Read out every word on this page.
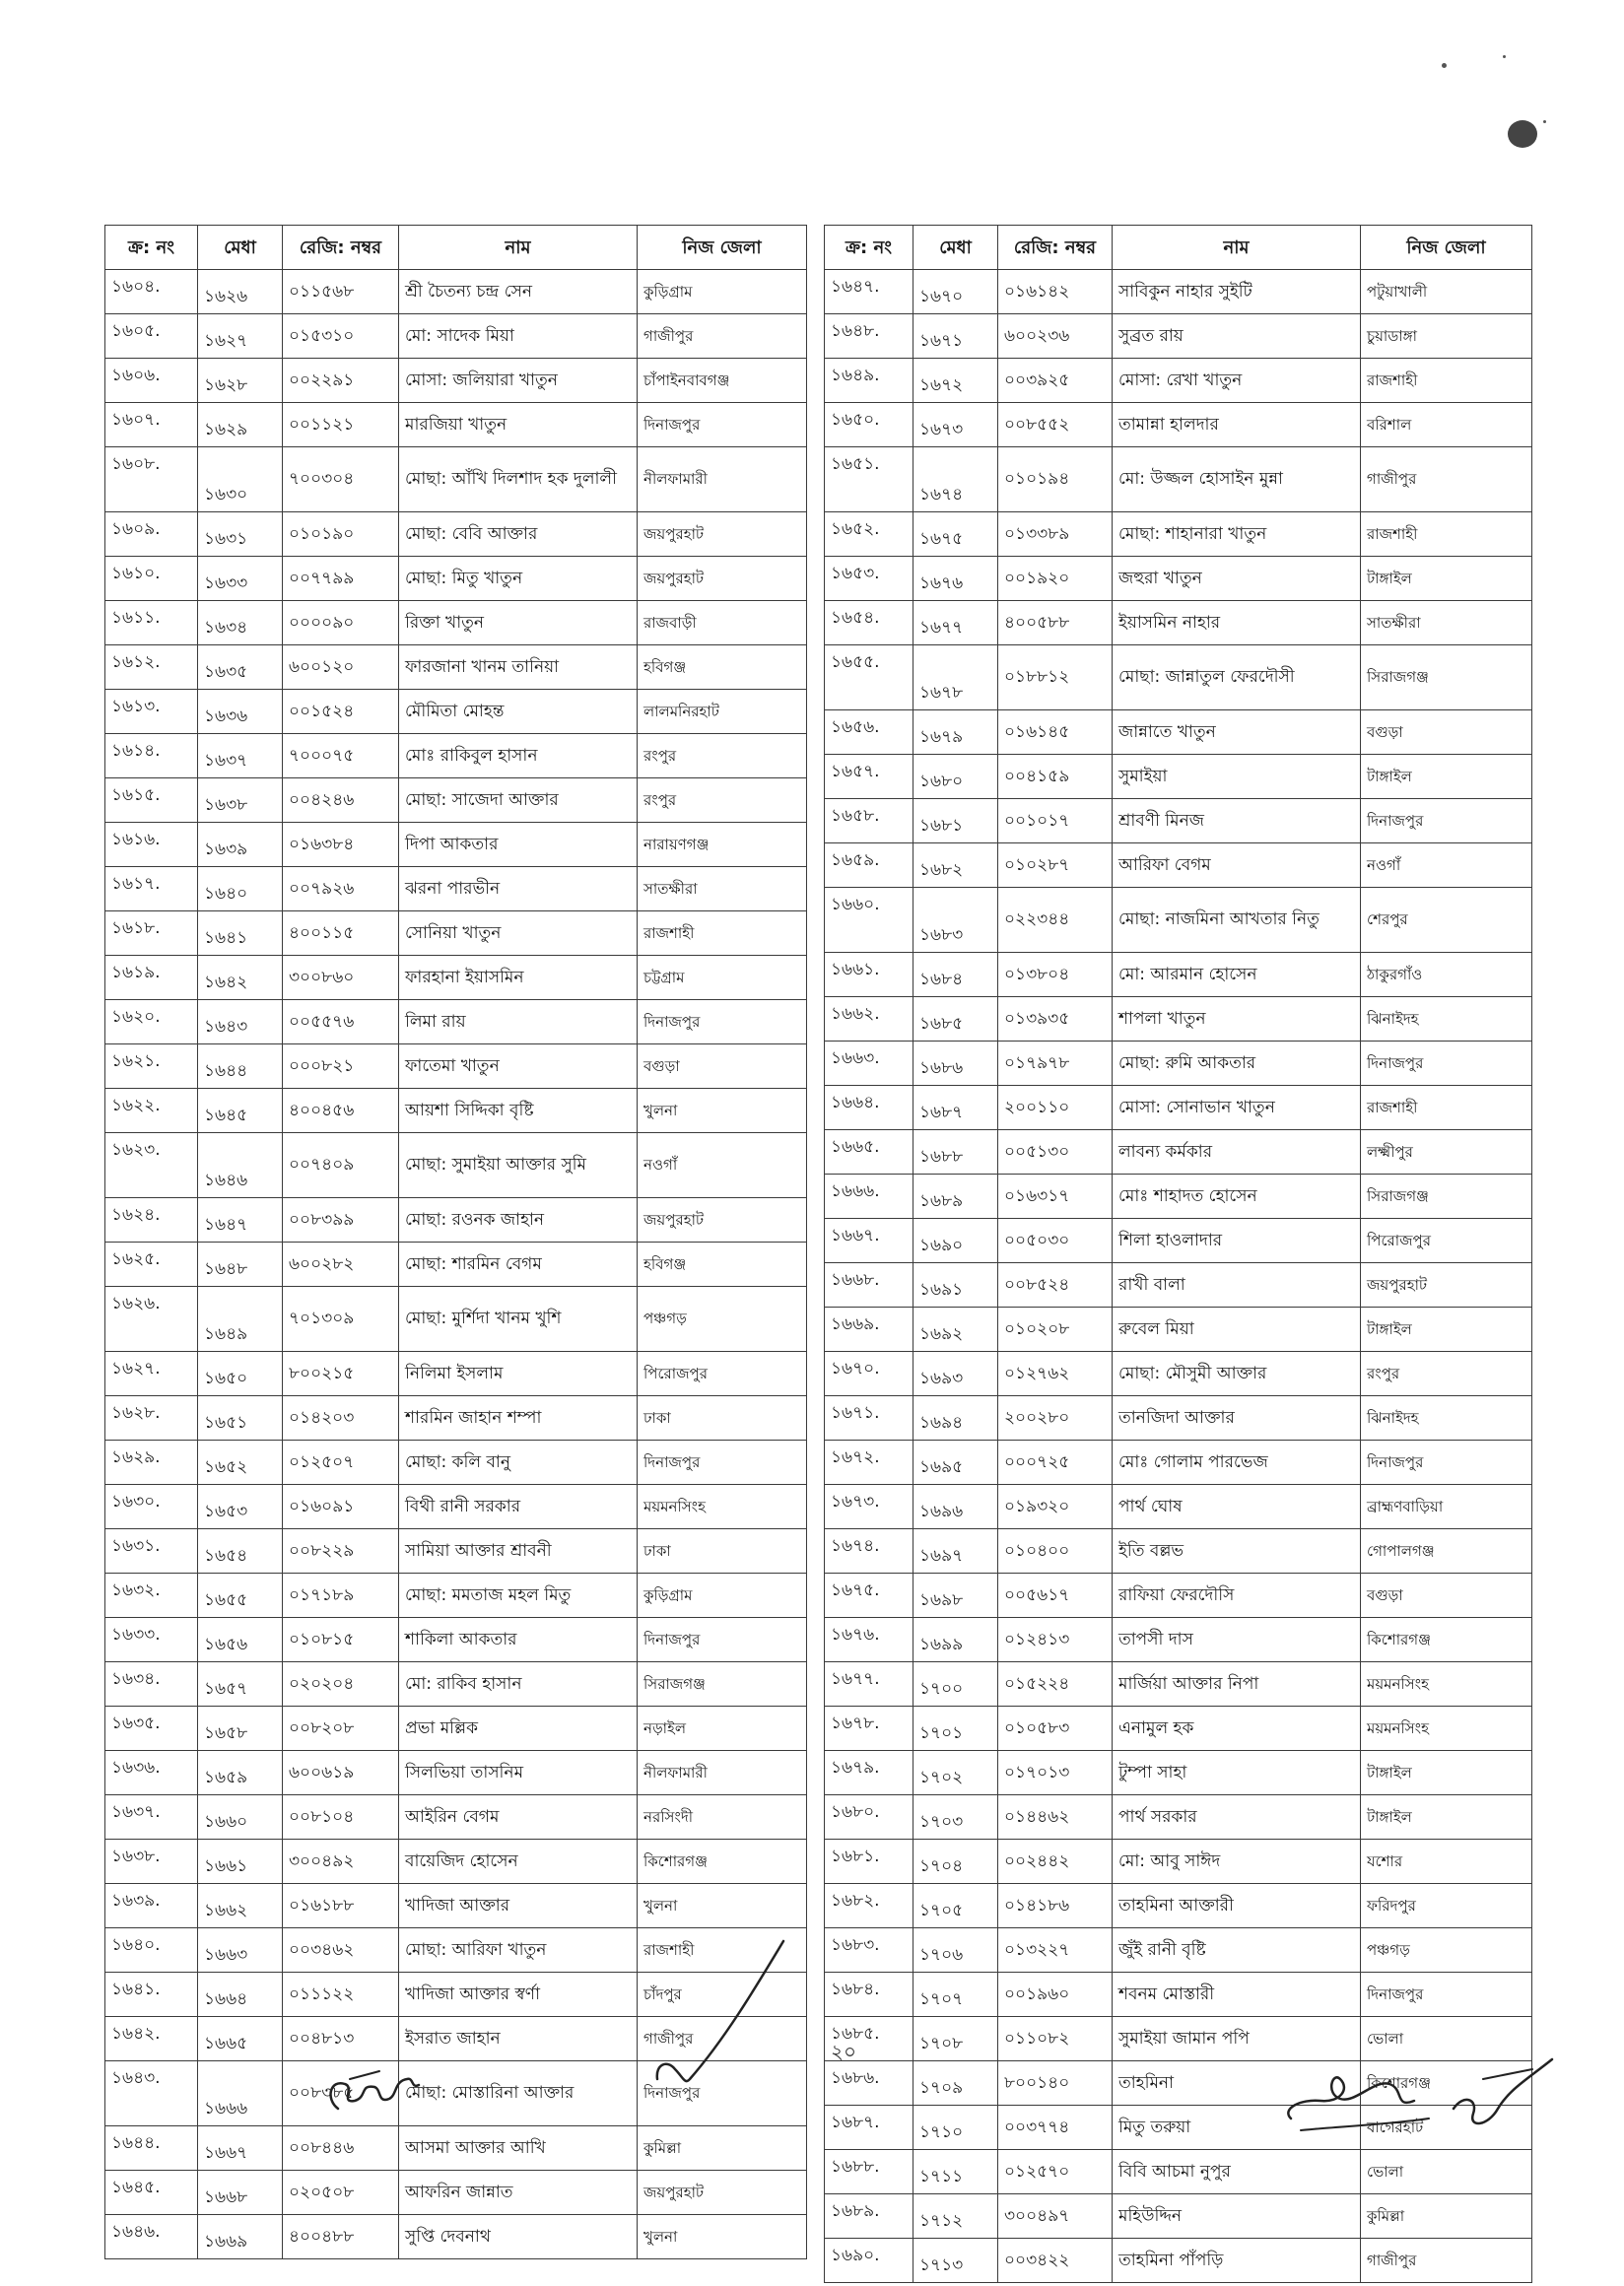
ক্র: নং	মেধা	রেজি: নম্বর	নাম	নিজ জেলা
১৬০৪.	১৬২৬	০১১৫৬৮	শ্রী চৈতন্য চন্দ্র সেন	কুড়িগ্রাম
১৬০৫.	১৬২৭	০১৫৩১০	মো: সাদেক মিয়া	গাজীপুর
১৬০৬.	১৬২৮	০০২২৯১	মোসা: জলিয়ারা খাতুন	চাঁপাইনবাবগঞ্জ
১৬০৭.	১৬২৯	০০১১২১	মারজিয়া খাতুন	দিনাজপুর
১৬০৮.	১৬৩০	৭০০৩০৪	মোছা: আঁখি দিলশাদ হক দুলালী	নীলফামারী
১৬০৯.	১৬৩১	০১০১৯০	মোছা: বেবি আক্তার	জয়পুরহাট
১৬১০.	১৬৩৩	০০৭৭৯৯	মোছা: মিতু খাতুন	জয়পুরহাট
১৬১১.	১৬৩৪	০০০০৯০	রিক্তা খাতুন	রাজবাড়ী
১৬১২.	১৬৩৫	৬০০১২০	ফারজানা খানম তানিয়া	হবিগঞ্জ
১৬১৩.	১৬৩৬	০০১৫২৪	মৌমিতা মোহন্ত	লালমনিরহাট
১৬১৪.	১৬৩৭	৭০০০৭৫	মোঃ রাকিবুল হাসান	রংপুর
১৬১৫.	১৬৩৮	০০৪২৪৬	মোছা: সাজেদা আক্তার	রংপুর
১৬১৬.	১৬৩৯	০১৬৩৮৪	দিপা আকতার	নারায়ণগঞ্জ
১৬১৭.	১৬৪০	০০৭৯২৬	ঝরনা পারভীন	সাতক্ষীরা
১৬১৮.	১৬৪১	৪০০১১৫	সোনিয়া খাতুন	রাজশাহী
১৬১৯.	১৬৪২	৩০০৮৬০	ফারহানা ইয়াসমিন	চট্টগ্রাম
১৬২০.	১৬৪৩	০০৫৫৭৬	লিমা রায়	দিনাজপুর
১৬২১.	১৬৪৪	০০০৮২১	ফাতেমা খাতুন	বগুড়া
১৬২২.	১৬৪৫	৪০০৪৫৬	আয়শা সিদ্দিকা বৃষ্টি	খুলনা
১৬২৩.	১৬৪৬	০০৭৪০৯	মোছা: সুমাইয়া আক্তার সুমি	নওগাঁ
১৬২৪.	১৬৪৭	০০৮৩৯৯	মোছা: রওনক জাহান	জয়পুরহাট
১৬২৫.	১৬৪৮	৬০০২৮২	মোছা: শারমিন বেগম	হবিগঞ্জ
১৬২৬.	১৬৪৯	৭০১৩০৯	মোছা: মুর্শিদা খানম খুশি	পঞ্চগড়
১৬২৭.	১৬৫০	৮০০২১৫	নিলিমা ইসলাম	পিরোজপুর
১৬২৮.	১৬৫১	০১৪২০৩	শারমিন জাহান শম্পা	ঢাকা
১৬২৯.	১৬৫২	০১২৫০৭	মোছা: কলি বানু	দিনাজপুর
১৬৩০.	১৬৫৩	০১৬০৯১	বিথী রানী সরকার	ময়মনসিংহ
১৬৩১.	১৬৫৪	০০৮২২৯	সামিয়া আক্তার শ্রাবনী	ঢাকা
১৬৩২.	১৬৫৫	০১৭১৮৯	মোছা: মমতাজ মহল মিতু	কুড়িগ্রাম
১৬৩৩.	১৬৫৬	০১০৮১৫	শাকিলা আকতার	দিনাজপুর
১৬৩৪.	১৬৫৭	০২০২০৪	মো: রাকিব হাসান	সিরাজগঞ্জ
১৬৩৫.	১৬৫৮	০০৮২০৮	প্রভা মল্লিক	নড়াইল
১৬৩৬.	১৬৫৯	৬০০৬১৯	সিলভিয়া তাসনিম	নীলফামারী
১৬৩৭.	১৬৬০	০০৮১০৪	আইরিন বেগম	নরসিংদী
১৬৩৮.	১৬৬১	৩০০৪৯২	বায়েজিদ হোসেন	কিশোরগঞ্জ
১৬৩৯.	১৬৬২	০১৬১৮৮	খাদিজা আক্তার	খুলনা
১৬৪০.	১৬৬৩	০০৩৪৬২	মোছা: আরিফা খাতুন	রাজশাহী
১৬৪১.	১৬৬৪	০১১১২২	খাদিজা আক্তার স্বর্ণা	চাঁদপুর
১৬৪২.	১৬৬৫	০০৪৮১৩	ইসরাত জাহান	গাজীপুর
১৬৪৩.	১৬৬৬	০০৮৩৮৫	মোছা: মোস্তারিনা আক্তার	দিনাজপুর
১৬৪৪.	১৬৬৭	০০৮৪৪৬	আসমা আক্তার আখি	কুমিল্লা
১৬৪৫.	১৬৬৮	০২০৫০৮	আফরিন জান্নাত	জয়পুরহাট
১৬৪৬.	১৬৬৯	৪০০৪৮৮	সুপ্তি দেবনাথ	খুলনা
ক্র: নং	মেধা	রেজি: নম্বর	নাম	নিজ জেলা
১৬৪৭.	১৬৭০	০১৬১৪২	সাবিকুন নাহার সুইটি	পটুয়াখালী
১৬৪৮.	১৬৭১	৬০০২৩৬	সুব্রত রায়	চুয়াডাঙ্গা
১৬৪৯.	১৬৭২	০০৩৯২৫	মোসা: রেখা খাতুন	রাজশাহী
১৬৫০.	১৬৭৩	০০৮৫৫২	তামান্না হালদার	বরিশাল
১৬৫১.	১৬৭৪	০১০১৯৪	মো: উজ্জল হোসাইন মুন্না	গাজীপুর
১৬৫২.	১৬৭৫	০১৩৩৮৯	মোছা: শাহানারা খাতুন	রাজশাহী
১৬৫৩.	১৬৭৬	০০১৯২০	জহুরা খাতুন	টাঙ্গাইল
১৬৫৪.	১৬৭৭	৪০০৫৮৮	ইয়াসমিন নাহার	সাতক্ষীরা
১৬৫৫.	১৬৭৮	০১৮৮১২	মোছা: জান্নাতুল ফেরদৌসী	সিরাজগঞ্জ
১৬৫৬.	১৬৭৯	০১৬১৪৫	জান্নাতে খাতুন	বগুড়া
১৬৫৭.	১৬৮০	০০৪১৫৯	সুমাইয়া	টাঙ্গাইল
১৬৫৮.	১৬৮১	০০১০১৭	শ্রাবণী মিনজ	দিনাজপুর
১৬৫৯.	১৬৮২	০১০২৮৭	আরিফা বেগম	নওগাঁ
১৬৬০.	১৬৮৩	০২২৩৪৪	মোছা: নাজমিনা আখতার নিতু	শেরপুর
১৬৬১.	১৬৮৪	০১৩৮০৪	মো: আরমান হোসেন	ঠাকুরগাঁও
১৬৬২.	১৬৮৫	০১৩৯৩৫	শাপলা খাতুন	ঝিনাইদহ
১৬৬৩.	১৬৮৬	০১৭৯৭৮	মোছা: রুমি আকতার	দিনাজপুর
১৬৬৪.	১৬৮৭	২০০১১০	মোসা: সোনাভান খাতুন	রাজশাহী
১৬৬৫.	১৬৮৮	০০৫১৩০	লাবন্য কর্মকার	লক্ষ্মীপুর
১৬৬৬.	১৬৮৯	০১৬৩১৭	মোঃ শাহাদত হোসেন	সিরাজগঞ্জ
১৬৬৭.	১৬৯০	০০৫০৩০	শিলা হাওলাদার	পিরোজপুর
১৬৬৮.	১৬৯১	০০৮৫২৪	রাখী বালা	জয়পুরহাট
১৬৬৯.	১৬৯২	০১০২০৮	রুবেল মিয়া	টাঙ্গাইল
১৬৭০.	১৬৯৩	০১২৭৬২	মোছা: মৌসুমী আক্তার	রংপুর
১৬৭১.	১৬৯৪	২০০২৮০	তানজিদা আক্তার	ঝিনাইদহ
১৬৭২.	১৬৯৫	০০০৭২৫	মোঃ গোলাম পারভেজ	দিনাজপুর
১৬৭৩.	১৬৯৬	০১৯৩২০	পার্থ ঘোষ	ব্রাহ্মণবাড়িয়া
১৬৭৪.	১৬৯৭	০১০৪০০	ইতি বল্লভ	গোপালগঞ্জ
১৬৭৫.	১৬৯৮	০০৫৬১৭	রাফিয়া ফেরদৌসি	বগুড়া
১৬৭৬.	১৬৯৯	০১২৪১৩	তাপসী দাস	কিশোরগঞ্জ
১৬৭৭.	১৭০০	০১৫২২৪	মার্জিয়া আক্তার নিপা	ময়মনসিংহ
১৬৭৮.	১৭০১	০১০৫৮৩	এনামুল হক	ময়মনসিংহ
১৬৭৯.	১৭০২	০১৭০১৩	টুম্পা সাহা	টাঙ্গাইল
১৬৮০.	১৭০৩	০১৪৪৬২	পার্থ সরকার	টাঙ্গাইল
১৬৮১.	১৭০৪	০০২৪৪২	মো: আবু সাঈদ	যশোর
১৬৮২.	১৭০৫	০১৪১৮৬	তাহমিনা আক্তারী	ফরিদপুর
১৬৮৩.	১৭০৬	০১৩২২৭	জুঁই রানী বৃষ্টি	পঞ্চগড়
১৬৮৪.	১৭০৭	০০১৯৬০	শবনম মোস্তারী	দিনাজপুর
১৬৮৫.	১৭০৮	০১১০৮২	সুমাইয়া জামান পপি	ভোলা
১৬৮৬.	১৭০৯	৮০০১৪০	তাহমিনা	কিশোরগঞ্জ
১৬৮৭.	১৭১০	০০৩৭৭৪	মিতু তরুয়া	বাগেরহাট
১৬৮৮.	১৭১১	০১২৫৭০	বিবি আচমা নুপুর	ভোলা
১৬৮৯.	১৭১২	৩০০৪৯৭	মহিউদ্দিন	কুমিল্লা
১৬৯০.	১৭১৩	০০৩৪২২	তাহমিনা পাঁপড়ি	গাজীপুর
২০
